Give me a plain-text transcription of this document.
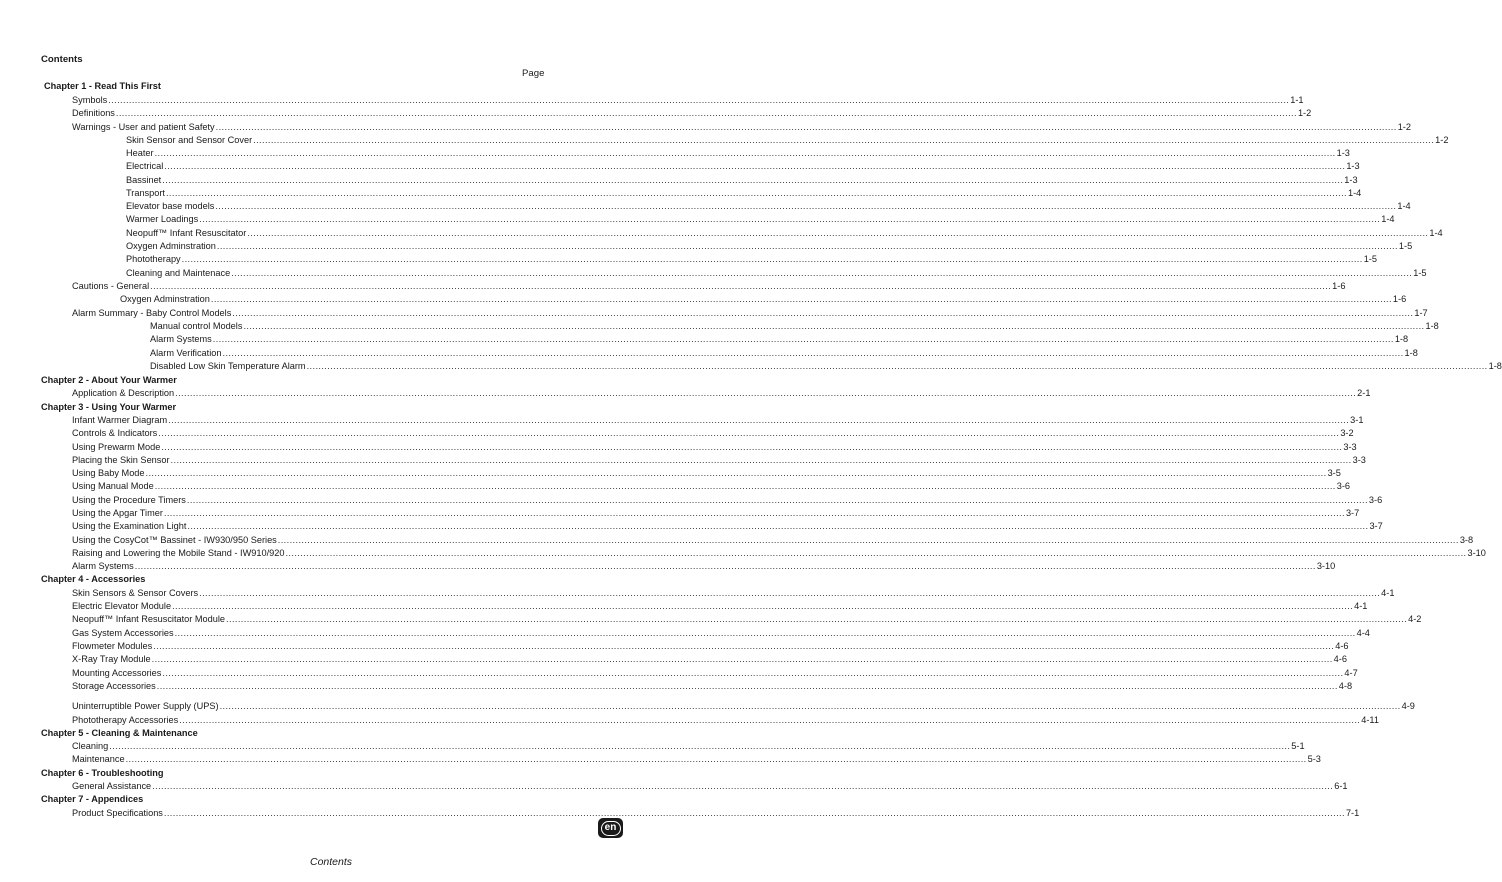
Contents
Page
Chapter 1 - Read This First
Symbols ................................................................................................................................................................................................................................................................................................................................................................................................................ 1-1
Definitions ................................................................................................................................................................................................................................................................................................................................................................................................................ 1-2
Warnings - User and patient Safety ................................................................................................................................................................................................................................................................................................................................................................................................................ 1-2
Skin Sensor and Sensor Cover ................................................................................................................................................................................................................................................................................................................................................................................................................ 1-2
Heater ................................................................................................................................................................................................................................................................................................................................................................................................................ 1-3
Electrical ................................................................................................................................................................................................................................................................................................................................................................................................................ 1-3
Bassinet ................................................................................................................................................................................................................................................................................................................................................................................................................ 1-3
Transport ................................................................................................................................................................................................................................................................................................................................................................................................................ 1-4
Elevator base models ................................................................................................................................................................................................................................................................................................................................................................................................................ 1-4
Warmer Loadings ................................................................................................................................................................................................................................................................................................................................................................................................................ 1-4
Neopuff™ Infant Resuscitator ................................................................................................................................................................................................................................................................................................................................................................................................................ 1-4
Oxygen Adminstration ................................................................................................................................................................................................................................................................................................................................................................................................................ 1-5
Phototherapy ................................................................................................................................................................................................................................................................................................................................................................................................................ 1-5
Cleaning and Maintenace ................................................................................................................................................................................................................................................................................................................................................................................................................ 1-5
Cautions - General ................................................................................................................................................................................................................................................................................................................................................................................................................ 1-6
Oxygen Adminstration ................................................................................................................................................................................................................................................................................................................................................................................................................ 1-6
Alarm Summary - Baby Control Models ................................................................................................................................................................................................................................................................................................................................................................................................................ 1-7
Manual control Models ................................................................................................................................................................................................................................................................................................................................................................................................................ 1-8
Alarm Systems ................................................................................................................................................................................................................................................................................................................................................................................................................ 1-8
Alarm Verification ................................................................................................................................................................................................................................................................................................................................................................................................................ 1-8
Disabled Low Skin Temperature Alarm ................................................................................................................................................................................................................................................................................................................................................................................................................ 1-8
Chapter 2 - About Your Warmer
Application & Description ................................................................................................................................................................................................................................................................................................................................................................................................................ 2-1
Chapter 3 - Using Your Warmer
Infant Warmer Diagram ................................................................................................................................................................................................................................................................................................................................................................................................................ 3-1
Controls & Indicators ................................................................................................................................................................................................................................................................................................................................................................................................................ 3-2
Using Prewarm Mode ................................................................................................................................................................................................................................................................................................................................................................................................................ 3-3
Placing the Skin Sensor ................................................................................................................................................................................................................................................................................................................................................................................................................ 3-3
Using Baby Mode ................................................................................................................................................................................................................................................................................................................................................................................................................ 3-5
Using Manual Mode ................................................................................................................................................................................................................................................................................................................................................................................................................ 3-6
Using the Procedure Timers ................................................................................................................................................................................................................................................................................................................................................................................................................ 3-6
Using the Apgar Timer ................................................................................................................................................................................................................................................................................................................................................................................................................ 3-7
Using the Examination Light ................................................................................................................................................................................................................................................................................................................................................................................................................ 3-7
Using the CosyCot™ Bassinet - IW930/950 Series ................................................................................................................................................................................................................................................................................................................................................................................................................ 3-8
Raising and Lowering the Mobile Stand - IW910/920 ................................................................................................................................................................................................................................................................................................................................................................................................................ 3-10
Alarm Systems ................................................................................................................................................................................................................................................................................................................................................................................................................ 3-10
Chapter 4 - Accessories
Skin Sensors & Sensor Covers ................................................................................................................................................................................................................................................................................................................................................................................................................ 4-1
Electric Elevator Module ................................................................................................................................................................................................................................................................................................................................................................................................................ 4-1
Neopuff™ Infant Resuscitator Module ................................................................................................................................................................................................................................................................................................................................................................................................................ 4-2
Gas System Accessories ................................................................................................................................................................................................................................................................................................................................................................................................................ 4-4
Flowmeter Modules ................................................................................................................................................................................................................................................................................................................................................................................................................ 4-6
X-Ray Tray Module ................................................................................................................................................................................................................................................................................................................................................................................................................ 4-6
Mounting Accessories ................................................................................................................................................................................................................................................................................................................................................................................................................ 4-7
Storage Accessories ................................................................................................................................................................................................................................................................................................................................................................................................................ 4-8
Uninterruptible Power Supply (UPS) ................................................................................................................................................................................................................................................................................................................................................................................................................ 4-9
Phototherapy Accessories ................................................................................................................................................................................................................................................................................................................................................................................................................ 4-11
Chapter 5 - Cleaning & Maintenance
Cleaning ................................................................................................................................................................................................................................................................................................................................................................................................................ 5-1
Maintenance ................................................................................................................................................................................................................................................................................................................................................................................................................ 5-3
Chapter 6 - Troubleshooting
General Assistance ................................................................................................................................................................................................................................................................................................................................................................................................................ 6-1
Chapter 7 - Appendices
Product Specifications ................................................................................................................................................................................................................................................................................................................................................................................................................ 7-1
Contents
en
